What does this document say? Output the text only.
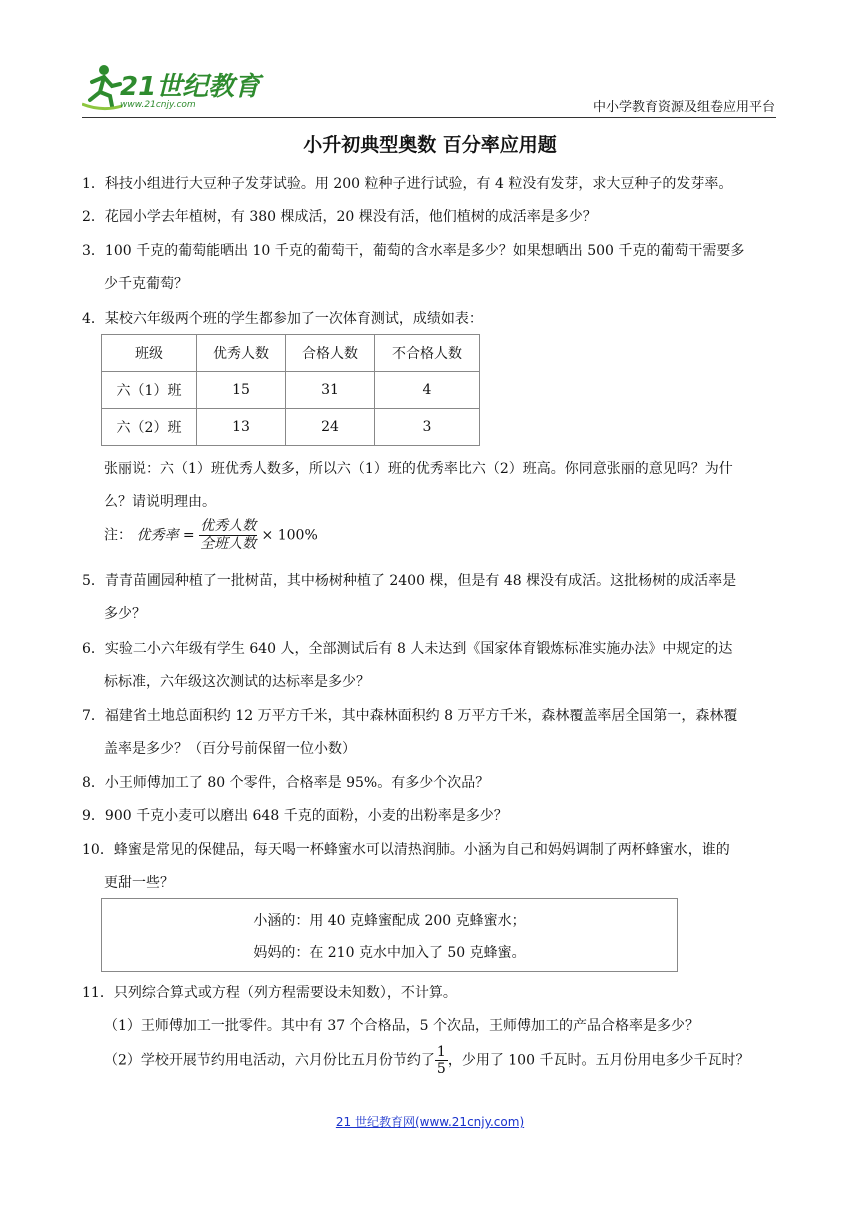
21世纪教育
www.21cnjy.com	中小学教育资源及组卷应用平台
小升初典型奥数 百分率应用题
1．科技小组进行大豆种子发芽试验。用 200 粒种子进行试验，有 4 粒没有发芽，求大豆种子的发芽率。
2．花园小学去年植树，有 380 棵成活，20 棵没有活，他们植树的成活率是多少？
3．100 千克的葡萄能晒出 10 千克的葡萄干，葡萄的含水率是多少？如果想晒出 500 千克的葡萄干需要多
少千克葡萄？
4．某校六年级两个班的学生都参加了一次体育测试，成绩如表：
班级	优秀人数	合格人数	不合格人数
六（1）班	15	31	4
六（2）班	13	24	3
张丽说：六（1）班优秀人数多，所以六（1）班的优秀率比六（2）班高。你同意张丽的意见吗？为什
么？请说明理由。
注： 优秀率 = $\frac{\text{优秀人数}}{\text{全班人数}} \times 100\%$
5．青青苗圃园种植了一批树苗，其中杨树种植了 2400 棵，但是有 48 棵没有成活。这批杨树的成活率是
多少？
6．实验二小六年级有学生 640 人，全部测试后有 8 人未达到《国家体育锻炼标准实施办法》中规定的达
标标准，六年级这次测试的达标率是多少？
7．福建省土地总面积约 12 万平方千米，其中森林面积约 8 万平方千米，森林覆盖率居全国第一，森林覆
盖率是多少？（百分号前保留一位小数）
8．小王师傅加工了 80 个零件，合格率是 95%。有多少个次品？
9．900 千克小麦可以磨出 648 千克的面粉，小麦的出粉率是多少？
10．蜂蜜是常见的保健品，每天喝一杯蜂蜜水可以清热润肺。小涵为自己和妈妈调制了两杯蜂蜜水，谁的
更甜一些？
小涵的：用 40 克蜂蜜配成 200 克蜂蜜水；
妈妈的：在 210 克水中加入了 50 克蜂蜜。
11．只列综合算式或方程（列方程需要设未知数），不计算。
（1）王师傅加工一批零件。其中有 37 个合格品，5 个次品，王师傅加工的产品合格率是多少？
（2）学校开展节约用电活动，六月份比五月份节约了 $\frac{1}{5}$ ，少用了 100 千瓦时。五月份用电多少千瓦时？
21 世纪教育网(www.21cnjy.com)
